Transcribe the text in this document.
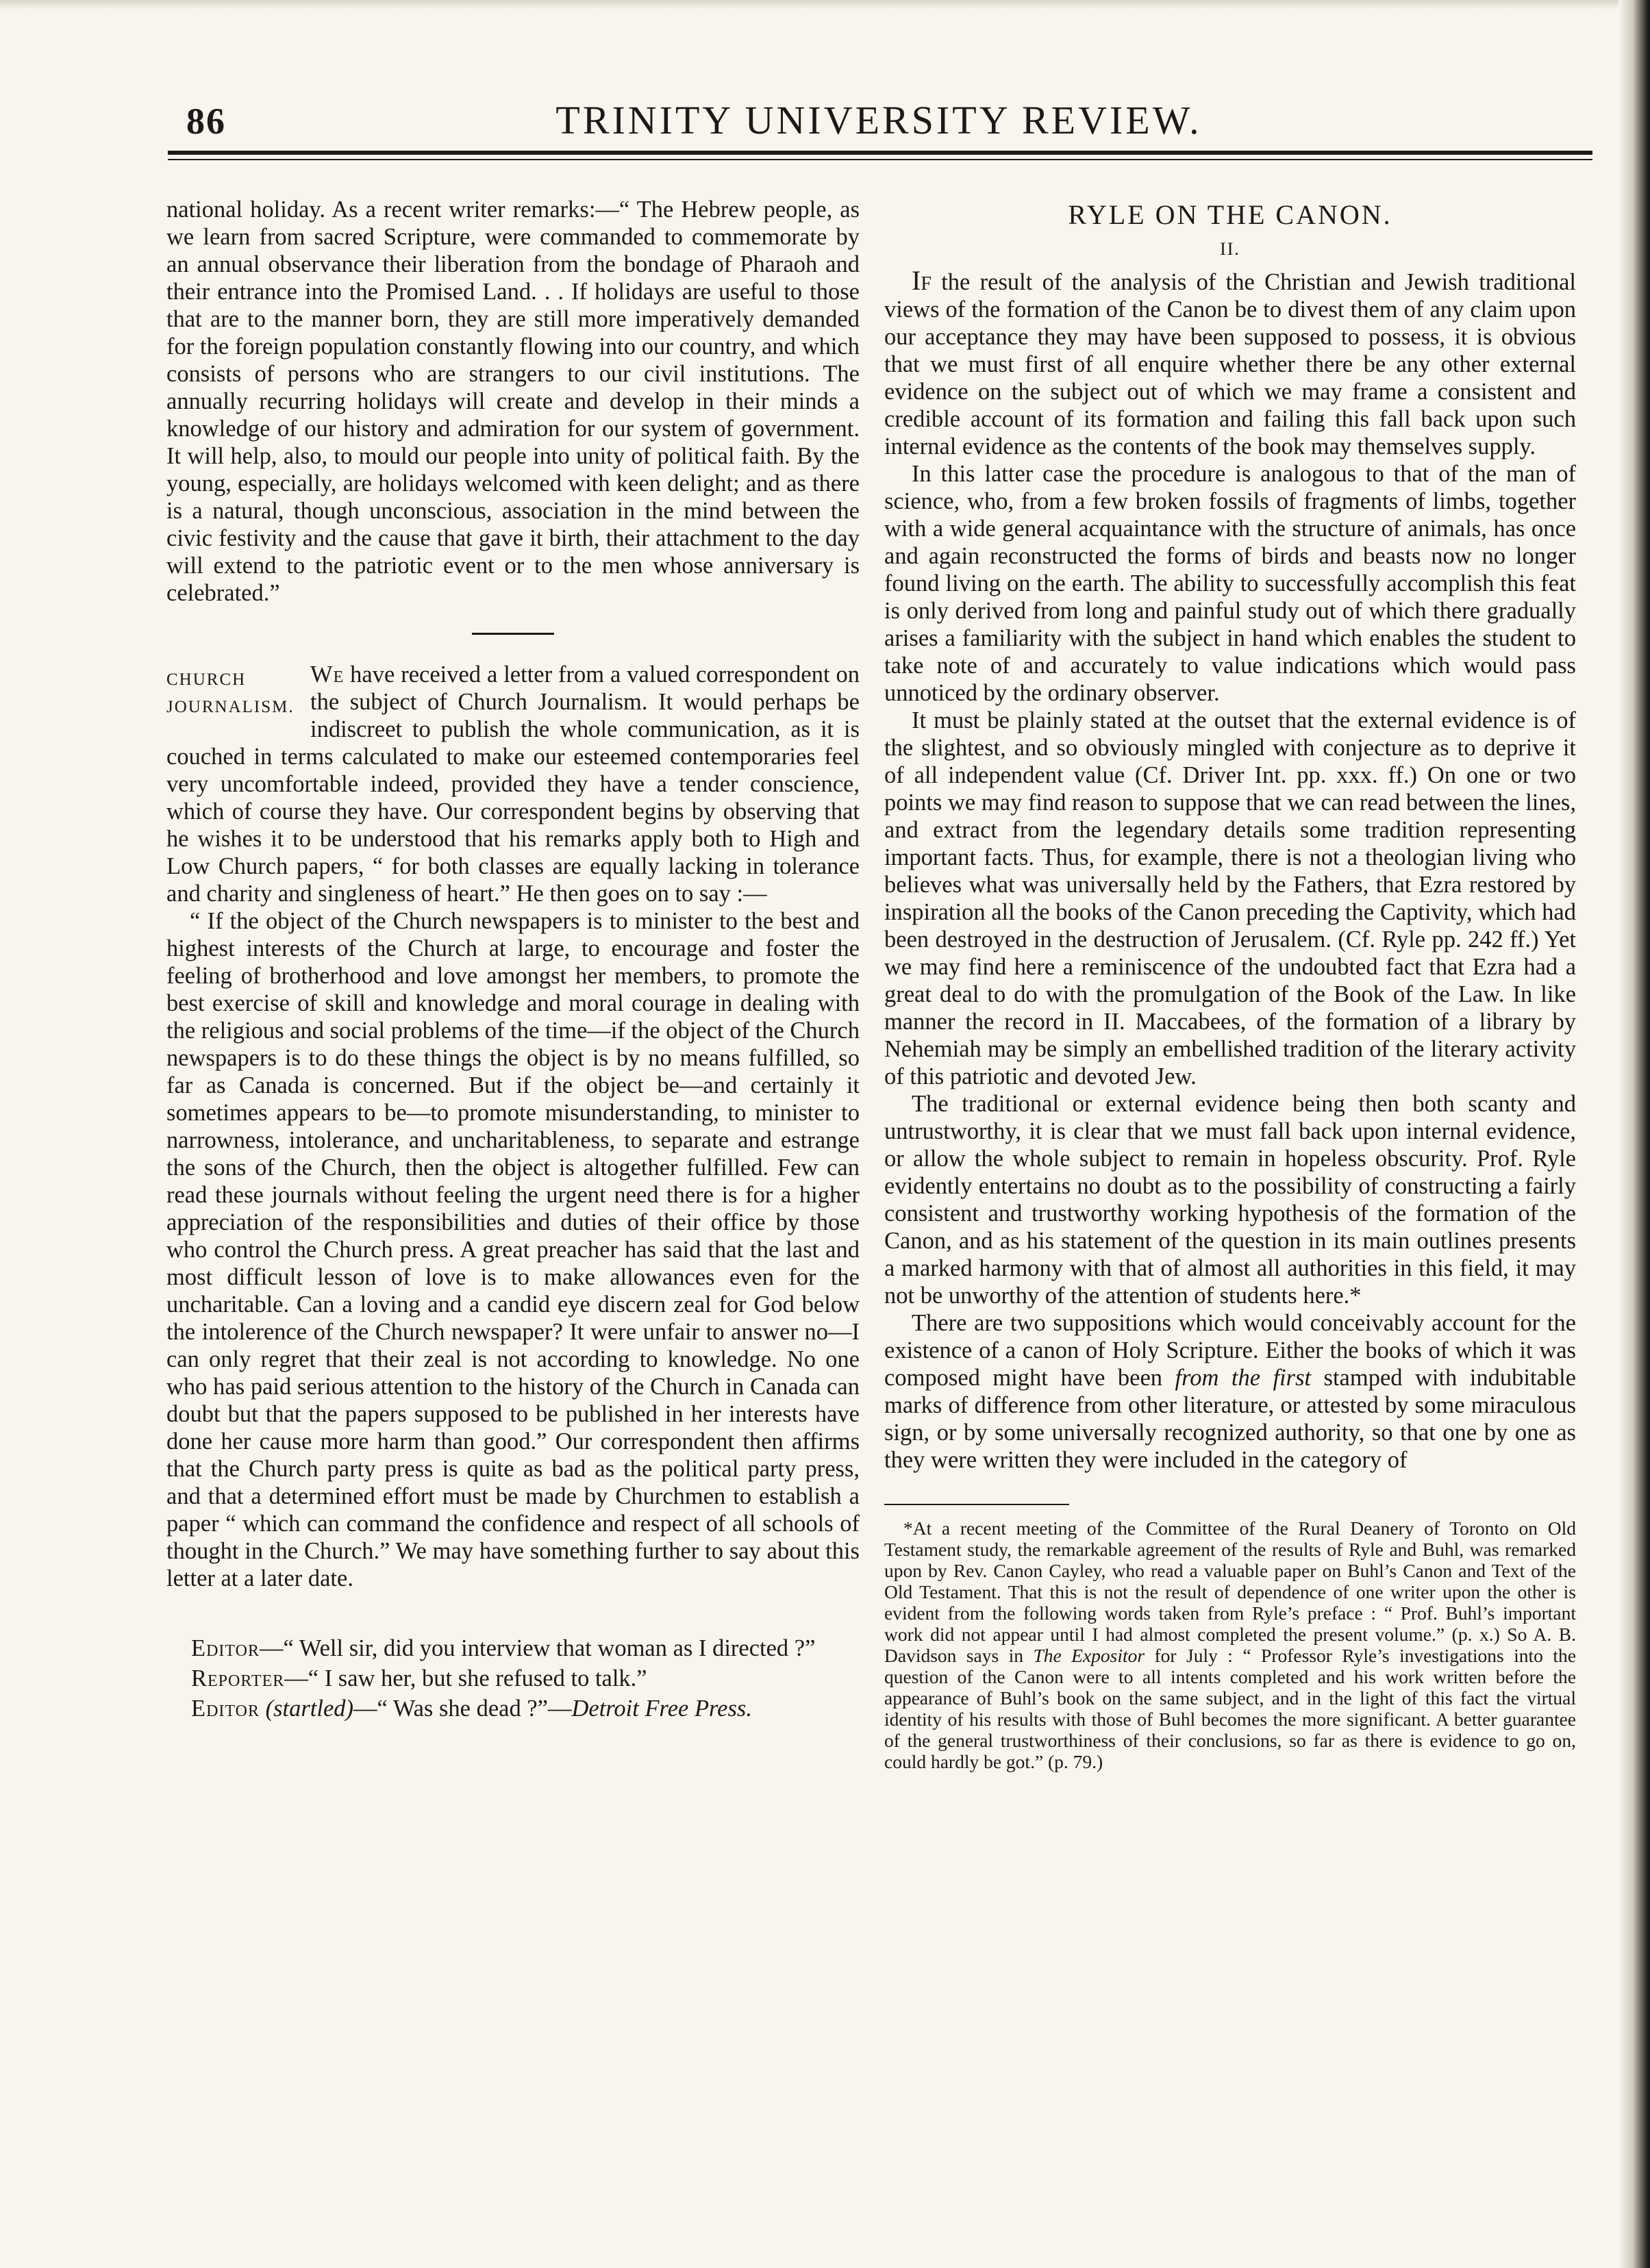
86	TRINITY UNIVERSITY REVIEW.

national holiday. As a recent writer remarks:—“ The Hebrew people, as we learn from sacred Scripture, were commanded to commemorate by an annual observance their liberation from the bondage of Pharaoh and their entrance into the Promised Land. . . If holidays are useful to those that are to the manner born, they are still more imperatively demanded for the foreign population constantly flowing into our country, and which consists of persons who are strangers to our civil institutions. The annually recurring holidays will create and develop in their minds a knowledge of our history and admiration for our system of government. It will help, also, to mould our people into unity of political faith. By the young, especially, are holidays welcomed with keen delight; and as there is a natural, though unconscious, association in the mind between the civic festivity and the cause that gave it birth, their attachment to the day will extend to the patriotic event or to the men whose anniversary is celebrated.”

CHURCH
JOURNALISM.

We have received a letter from a valued correspondent on the subject of Church Journalism. It would perhaps be indiscreet to publish the whole communication, as it is couched in terms calculated to make our esteemed contemporaries feel very uncomfortable indeed, provided they have a tender conscience, which of course they have. Our correspondent begins by observing that he wishes it to be understood that his remarks apply both to High and Low Church papers, “ for both classes are equally lacking in tolerance and charity and singleness of heart.” He then goes on to say :—

“ If the object of the Church newspapers is to minister to the best and highest interests of the Church at large, to encourage and foster the feeling of brotherhood and love amongst her members, to promote the best exercise of skill and knowledge and moral courage in dealing with the religious and social problems of the time—if the object of the Church newspapers is to do these things the object is by no means fulfilled, so far as Canada is concerned. But if the object be—and certainly it sometimes appears to be—to promote misunderstanding, to minister to narrowness, intolerance, and uncharitableness, to separate and estrange the sons of the Church, then the object is altogether fulfilled. Few can read these journals without feeling the urgent need there is for a higher appreciation of the responsibilities and duties of their office by those who control the Church press. A great preacher has said that the last and most difficult lesson of love is to make allowances even for the uncharitable. Can a loving and a candid eye discern zeal for God below the intolerence of the Church newspaper? It were unfair to answer no—I can only regret that their zeal is not according to knowledge. No one who has paid serious attention to the history of the Church in Canada can doubt but that the papers supposed to be published in her interests have done her cause more harm than good.” Our correspondent then affirms that the Church party press is quite as bad as the political party press, and that a determined effort must be made by Churchmen to establish a paper “ which can command the confidence and respect of all schools of thought in the Church.” We may have something further to say about this letter at a later date.

Editor—“ Well sir, did you interview that woman as I directed ?”

Reporter—“ I saw her, but she refused to talk.”

Editor (startled)—“ Was she dead ?”—Detroit Free Press.

RYLE ON THE CANON.
II.

If the result of the analysis of the Christian and Jewish traditional views of the formation of the Canon be to divest them of any claim upon our acceptance they may have been supposed to possess, it is obvious that we must first of all enquire whether there be any other external evidence on the subject out of which we may frame a consistent and credible account of its formation and failing this fall back upon such internal evidence as the contents of the book may themselves supply.

In this latter case the procedure is analogous to that of the man of science, who, from a few broken fossils of fragments of limbs, together with a wide general acquaintance with the structure of animals, has once and again reconstructed the forms of birds and beasts now no longer found living on the earth. The ability to successfully accomplish this feat is only derived from long and painful study out of which there gradually arises a familiarity with the subject in hand which enables the student to take note of and accurately to value indications which would pass unnoticed by the ordinary observer.

It must be plainly stated at the outset that the external evidence is of the slightest, and so obviously mingled with conjecture as to deprive it of all independent value (Cf. Driver Int. pp. xxx. ff.) On one or two points we may find reason to suppose that we can read between the lines, and extract from the legendary details some tradition representing important facts. Thus, for example, there is not a theologian living who believes what was universally held by the Fathers, that Ezra restored by inspiration all the books of the Canon preceding the Captivity, which had been destroyed in the destruction of Jerusalem. (Cf. Ryle pp. 242 ff.) Yet we may find here a reminiscence of the undoubted fact that Ezra had a great deal to do with the promulgation of the Book of the Law. In like manner the record in II. Maccabees, of the formation of a library by Nehemiah may be simply an embellished tradition of the literary activity of this patriotic and devoted Jew.

The traditional or external evidence being then both scanty and untrustworthy, it is clear that we must fall back upon internal evidence, or allow the whole subject to remain in hopeless obscurity. Prof. Ryle evidently entertains no doubt as to the possibility of constructing a fairly consistent and trustworthy working hypothesis of the formation of the Canon, and as his statement of the question in its main outlines presents a marked harmony with that of almost all authorities in this field, it may not be unworthy of the attention of students here.*

There are two suppositions which would conceivably account for the existence of a canon of Holy Scripture. Either the books of which it was composed might have been from the first stamped with indubitable marks of difference from other literature, or attested by some miraculous sign, or by some universally recognized authority, so that one by one as they were written they were included in the category of

*At a recent meeting of the Committee of the Rural Deanery of Toronto on Old Testament study, the remarkable agreement of the results of Ryle and Buhl, was remarked upon by Rev. Canon Cayley, who read a valuable paper on Buhl’s Canon and Text of the Old Testament. That this is not the result of dependence of one writer upon the other is evident from the following words taken from Ryle’s preface : “ Prof. Buhl’s important work did not appear until I had almost completed the present volume.” (p. x.) So A. B. Davidson says in The Expositor for July : “ Professor Ryle’s investigations into the question of the Canon were to all intents completed and his work written before the appearance of Buhl’s book on the same subject, and in the light of this fact the virtual identity of his results with those of Buhl becomes the more significant. A better guarantee of the general trustworthiness of their conclusions, so far as there is evidence to go on, could hardly be got.” (p. 79.)
